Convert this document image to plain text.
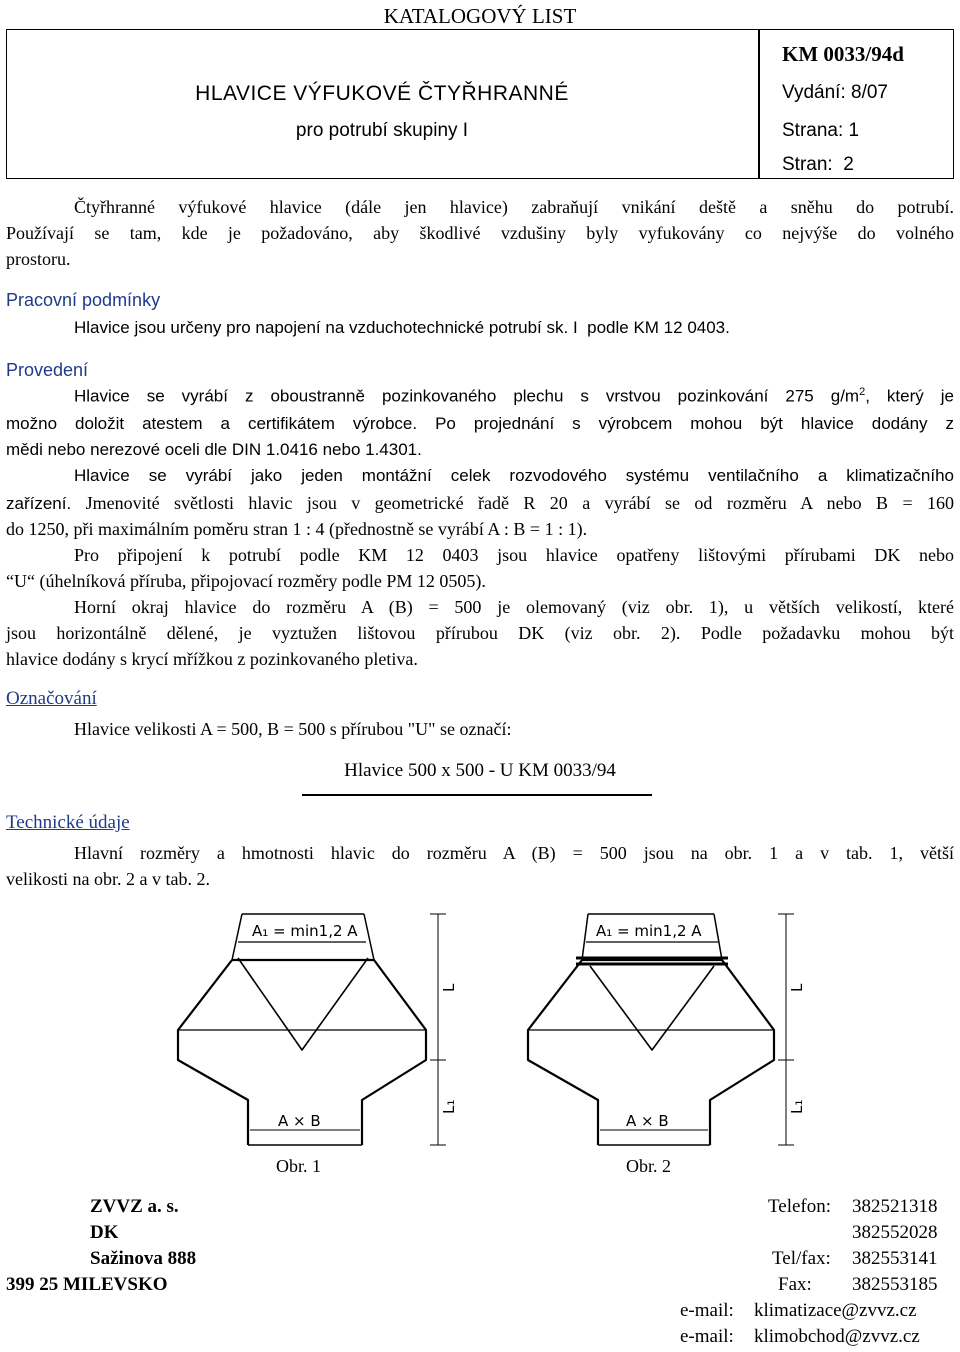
KATALOGOVÝ LIST
HLAVICE VÝFUKOVÉ ČTYŘHRANNÉ
pro potrubí skupiny I
KM 0033/94d
Vydání: 8/07
Strana: 1
Stran: 2
Čtyřhranné výfukové hlavice (dále jen hlavice) zabraňují vnikání deště a sněhu do potrubí.
Používají se tam, kde je požadováno, aby škodlivé vzdušiny byly vyfukovány co nejvýše do volného
prostoru.
Pracovní podmínky
Hlavice jsou určeny pro napojení na vzduchotechnické potrubí sk. I podle KM 12 0403.
Provedení
Hlavice se vyrábí z oboustranně pozinkovaného plechu s vrstvou pozinkování 275 $g/m^2$, který je
možno doložit atestem a certifikátem výrobce. Po projednání s výrobcem mohou být hlavice dodány z
mědi nebo nerezové oceli dle DIN 1.0416 nebo 1.4301.
Hlavice se vyrábí jako jeden montážní celek rozvodového systému ventilačního a klimatizačního
zařízení. Jmenovité světlosti hlavic jsou v geometrické řadě R 20 a vyrábí se od rozměru A nebo B = 160
do 1250, při maximálním poměru stran 1 : 4 (přednostně se vyrábí A : B = 1 : 1).
Pro připojení k potrubí podle KM 12 0403 jsou hlavice opatřeny lištovými přírubami DK nebo
“U“ (úhelníková příruba, připojovací rozměry podle PM 12 0505).
Horní okraj hlavice do rozměru A (B) = 500 je olemovaný (viz obr. 1), u větších velikostí, které
jsou horizontálně dělené, je vyztužen lištovou přírubou DK (viz obr. 2). Podle požadavku mohou být
hlavice dodány s krycí mřížkou z pozinkovaného pletiva.
Označování
Hlavice velikosti A = 500, B = 500 s přírubou "U" se označí:
Hlavice 500 x 500 - U KM 0033/94
Technické údaje
Hlavní rozměry a hmotnosti hlavic do rozměru A (B) = 500 jsou na obr. 1 a v tab. 1, větší
velikosti na obr. 2 a v tab. 2.
A₁ = min1,2 A
L
L₁
A × B
A₁ = min1,2 A
L
L₁
A × B
Obr. 1	Obr. 2
ZVVZ a. s.
DK
Sažinova 888
399 25 MILEVSKO
Telefon: 382521318
382552028
Tel/fax: 382553141
Fax: 382553185
e-mail: klimatizace@zvvz.cz
e-mail: klimobchod@zvvz.cz
